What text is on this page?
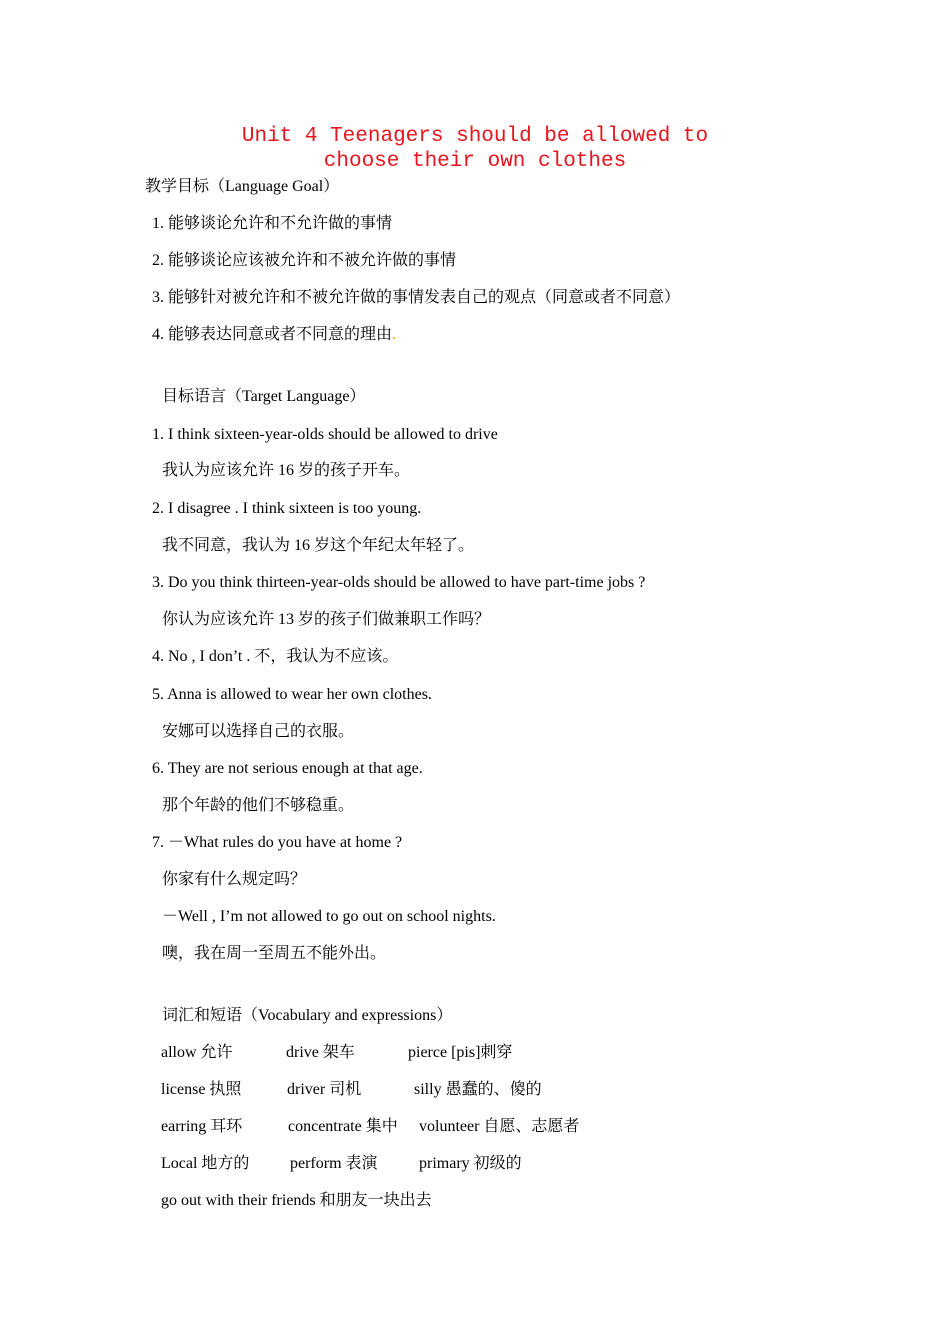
Unit 4 Teenagers should be allowed to
choose their own clothes
教学目标（Language Goal）
1. 能够谈论允许和不允许做的事情
2. 能够谈论应该被允许和不被允许做的事情
3. 能够针对被允许和不被允许做的事情发表自己的观点（同意或者不同意）
4. 能够表达同意或者不同意的理由.
目标语言（Target Language）
1. I think sixteen-year-olds should be allowed to drive
我认为应该允许 16 岁的孩子开车。
2. I disagree . I think sixteen is too young.
我不同意，我认为 16 岁这个年纪太年轻了。
3. Do you think thirteen-year-olds should be allowed to have part-time jobs ?
你认为应该允许 13 岁的孩子们做兼职工作吗？
4. No , I don’t . 不，我认为不应该。
5. Anna is allowed to wear her own clothes.
安娜可以选择自己的衣服。
6. They are not serious enough at that age.
那个年龄的他们不够稳重。
7. －What rules do you have at home ?
你家有什么规定吗？
－Well , I’m not allowed to go out on school nights.
噢，我在周一至周五不能外出。
词汇和短语（Vocabulary and expressions）
allow 允许	drive 架车	pierce [pis]刺穿
license 执照	driver 司机	silly 愚蠢的、傻的
earring 耳环	concentrate 集中 volunteer 自愿、志愿者
Local 地方的	perform 表演	primary 初级的
go out with their friends 和朋友一块出去
